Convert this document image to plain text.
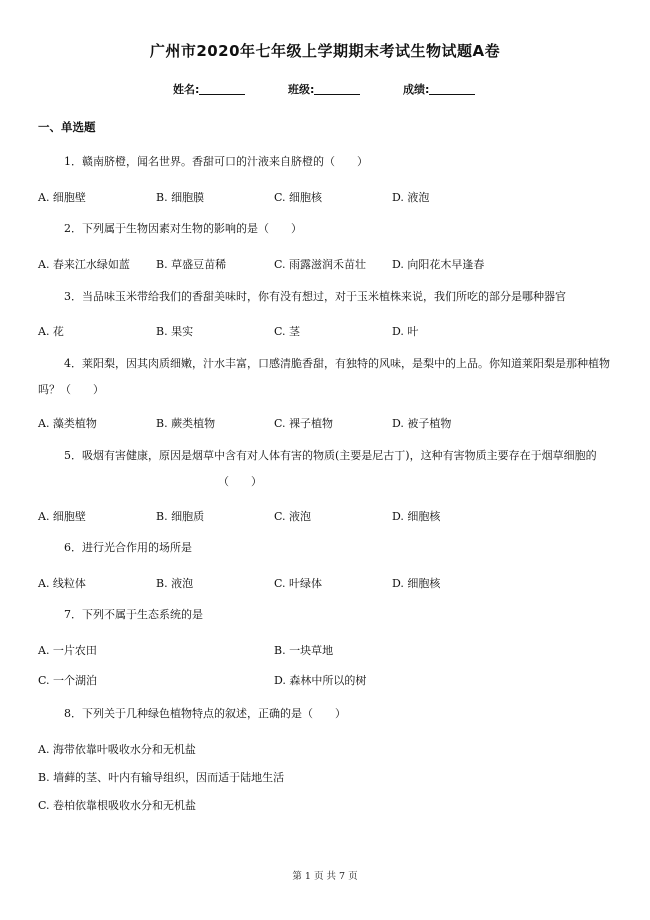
广州市2020年七年级上学期期末考试生物试题A卷
姓名:	班级:	成绩:
一、单选题
1．赣南脐橙，闻名世界。香甜可口的汁液来自脐橙的（　　）
A. 细胞壁	B. 细胞膜	C. 细胞核	D. 液泡
2．下列属于生物因素对生物的影响的是（　　）
A. 春来江水绿如蓝 B. 草盛豆苗稀	C. 雨露滋润禾苗壮 D. 向阳花木早逢春
3．当品味玉米带给我们的香甜美味时，你有没有想过，对于玉米植株来说，我们所吃的部分是哪种器官
A. 花	B. 果实	C. 茎	D. 叶
4．莱阳梨，因其肉质细嫩，汁水丰富，口感清脆香甜，有独特的风味，是梨中的上品。你知道莱阳梨是那种植物吗？（　　）
A. 藻类植物	B. 蕨类植物	C. 裸子植物	D. 被子植物
5．吸烟有害健康，原因是烟草中含有对人体有害的物质(主要是尼古丁)，这种有害物质主要存在于烟草细胞的（　　）
A. 细胞壁	B. 细胞质	C. 液泡	D. 细胞核
6．进行光合作用的场所是
A. 线粒体	B. 液泡	C. 叶绿体	D. 细胞核
7．下列不属于生态系统的是
A. 一片农田	B. 一块草地
C. 一个湖泊	D. 森林中所以的树
8．下列关于几种绿色植物特点的叙述，正确的是（　　）
A. 海带依靠叶吸收水分和无机盐
B. 墙藓的茎、叶内有输导组织，因而适于陆地生活
C. 卷柏依靠根吸收水分和无机盐
第 1 页 共 7 页
